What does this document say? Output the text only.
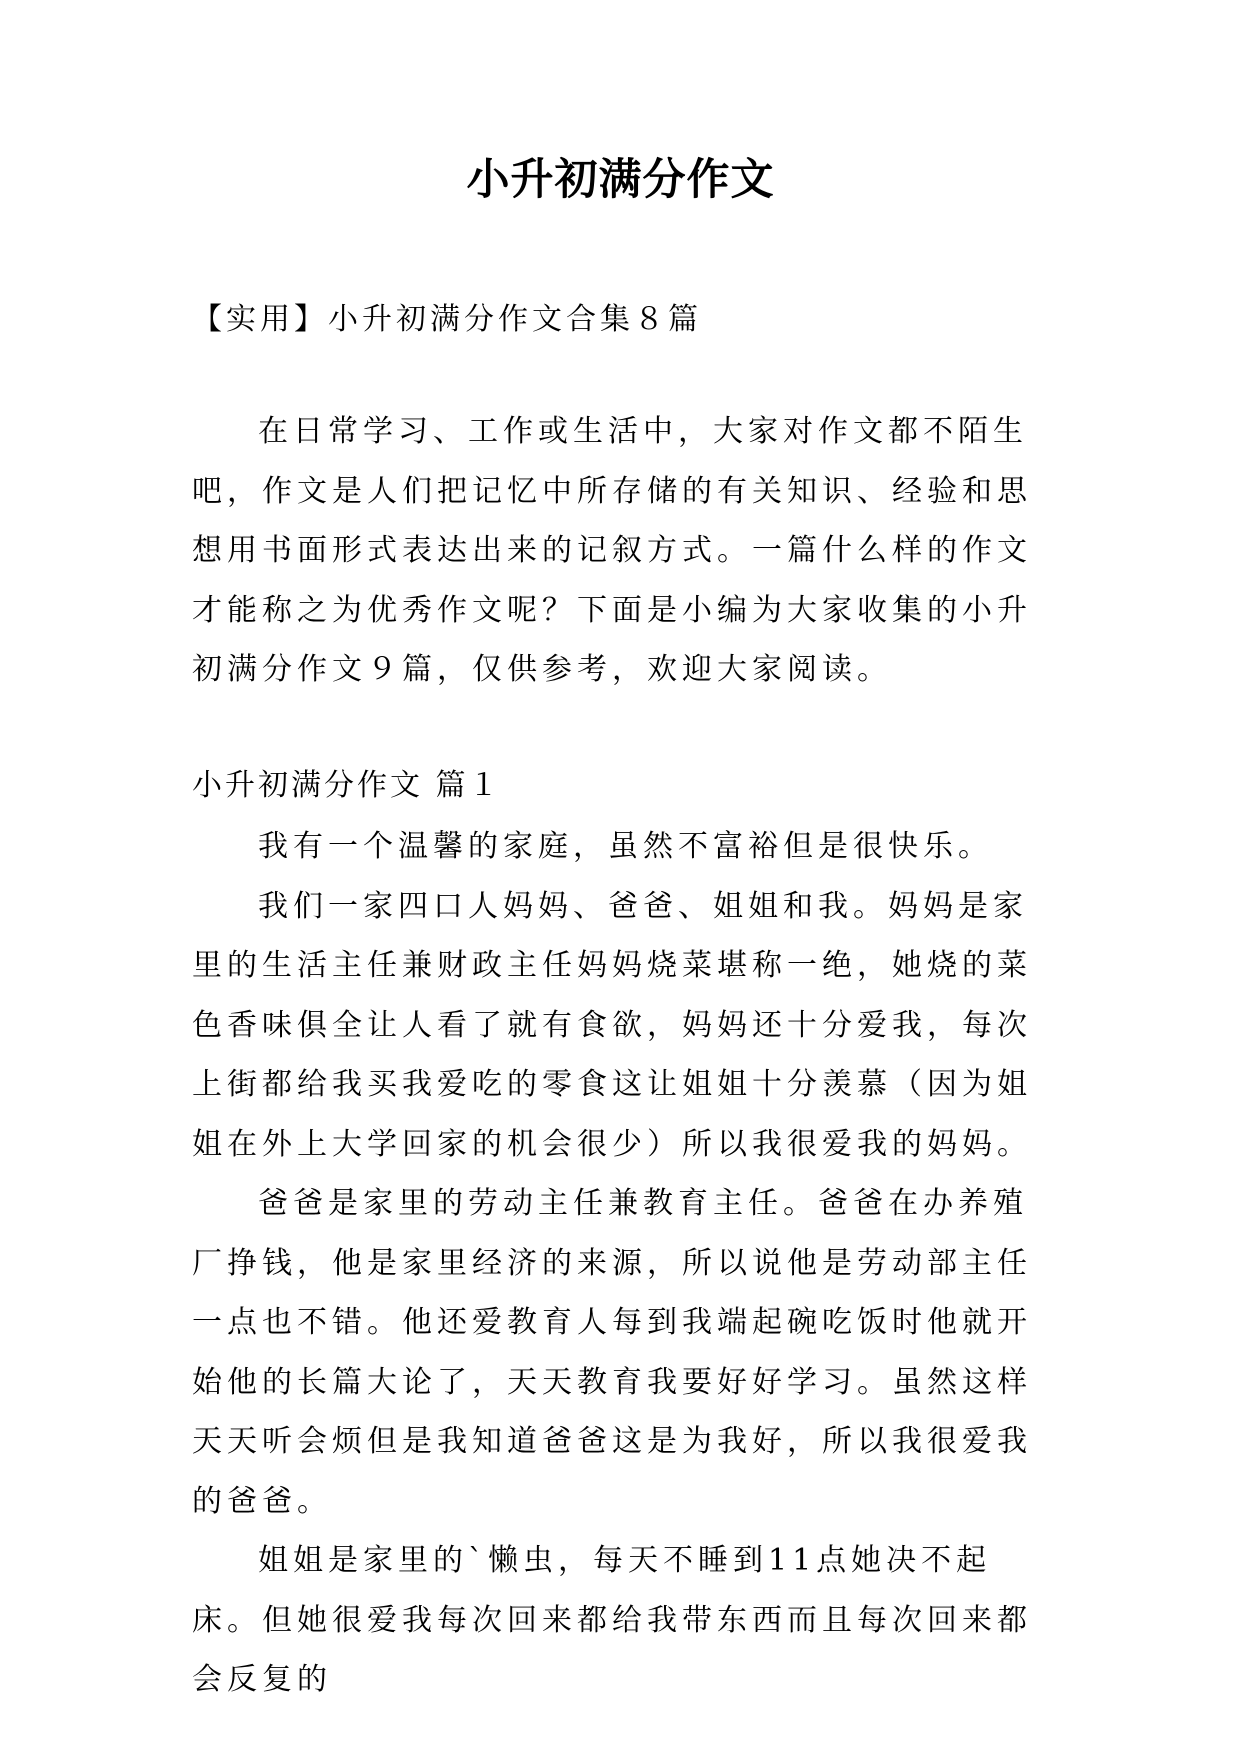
小升初满分作文

【实用】小升初满分作文合集８篇

在日常学习、工作或生活中，大家对作文都不陌生吧，作文是人们把记忆中所存储的有关知识、经验和思想用书面形式表达出来的记叙方式。一篇什么样的作文才能称之为优秀作文呢？下面是小编为大家收集的小升初满分作文９篇，仅供参考，欢迎大家阅读。

小升初满分作文 篇１

我有一个温馨的家庭，虽然不富裕但是很快乐。

我们一家四口人妈妈、爸爸、姐姐和我。妈妈是家里的生活主任兼财政主任妈妈烧菜堪称一绝，她烧的菜色香味俱全让人看了就有食欲，妈妈还十分爱我，每次上街都给我买我爱吃的零食这让姐姐十分羡慕（因为姐姐在外上大学回家的机会很少）所以我很爱我的妈妈。

爸爸是家里的劳动主任兼教育主任。爸爸在办养殖厂挣钱，他是家里经济的来源，所以说他是劳动部主任一点也不错。他还爱教育人每到我端起碗吃饭时他就开始他的长篇大论了，天天教育我要好好学习。虽然这样天天听会烦但是我知道爸爸这是为我好，所以我很爱我的爸爸。

姐姐是家里的`懒虫，每天不睡到11点她决不起床。但她很爱我每次回来都给我带东西而且每次回来都会反复的
